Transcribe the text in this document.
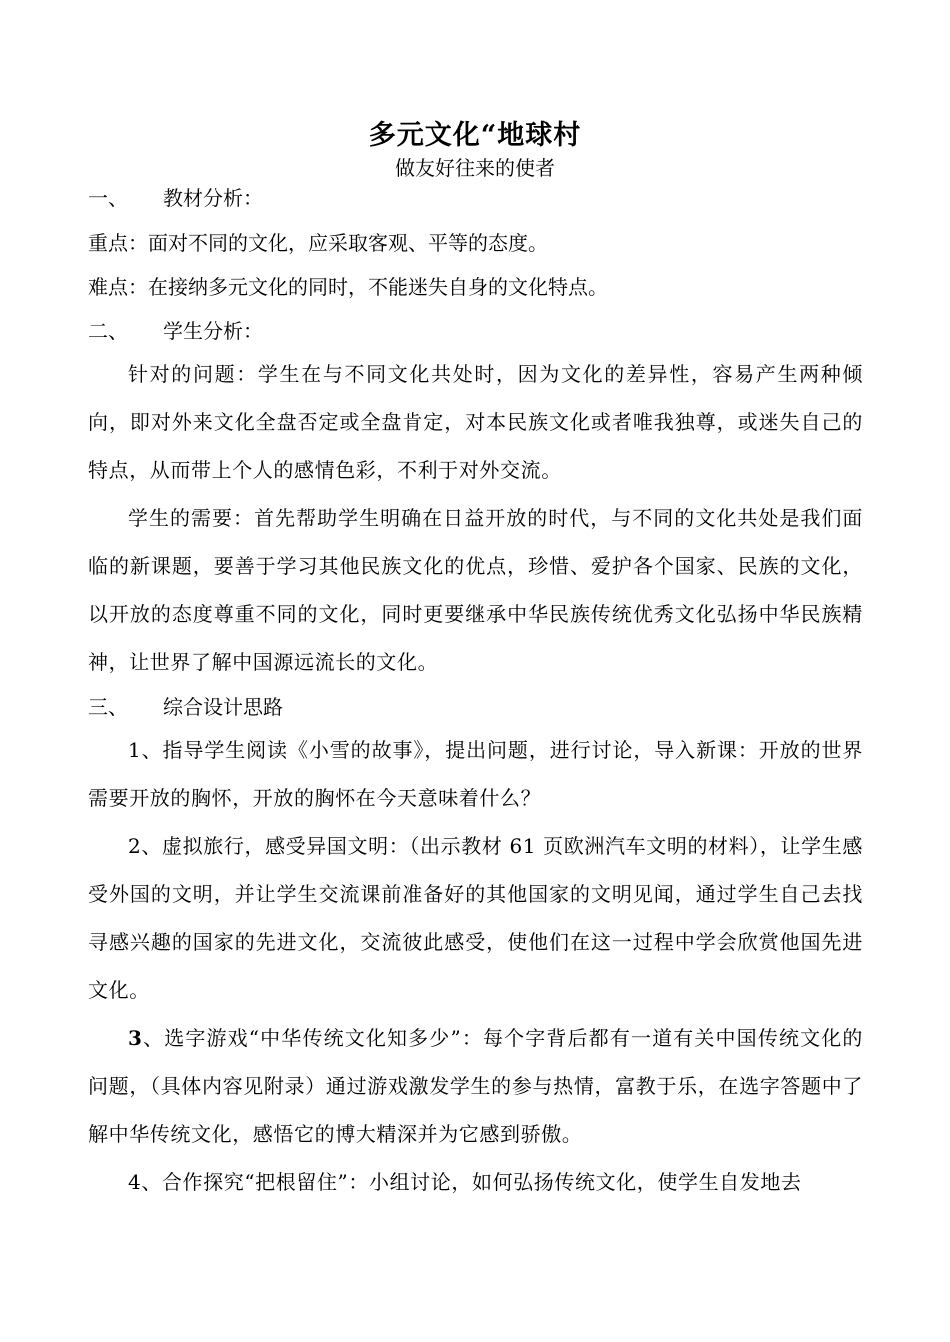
多元文化“地球村
做友好往来的使者
一、 教材分析：
重点：面对不同的文化，应采取客观、平等的态度。
难点：在接纳多元文化的同时，不能迷失自身的文化特点。
二、 学生分析：
针对的问题：学生在与不同文化共处时，因为文化的差异性，容易产生两种倾向，即对外来文化全盘否定或全盘肯定，对本民族文化或者唯我独尊，或迷失自己的特点，从而带上个人的感情色彩，不利于对外交流。
学生的需要：首先帮助学生明确在日益开放的时代，与不同的文化共处是我们面临的新课题，要善于学习其他民族文化的优点，珍惜、爱护各个国家、民族的文化，以开放的态度尊重不同的文化，同时更要继承中华民族传统优秀文化弘扬中华民族精神，让世界了解中国源远流长的文化。
三、 综合设计思路
1、指导学生阅读《小雪的故事》，提出问题，进行讨论，导入新课：开放的世界需要开放的胸怀，开放的胸怀在今天意味着什么？
2、虚拟旅行，感受异国文明：（出示教材 61 页欧洲汽车文明的材料），让学生感受外国的文明，并让学生交流课前准备好的其他国家的文明见闻，通过学生自己去找寻感兴趣的国家的先进文化，交流彼此感受，使他们在这一过程中学会欣赏他国先进文化。
3、选字游戏“中华传统文化知多少”：每个字背后都有一道有关中国传统文化的问题，（具体内容见附录）通过游戏激发学生的参与热情，富教于乐，在选字答题中了解中华传统文化，感悟它的博大精深并为它感到骄傲。
4、合作探究“把根留住”：小组讨论，如何弘扬传统文化，使学生自发地去
